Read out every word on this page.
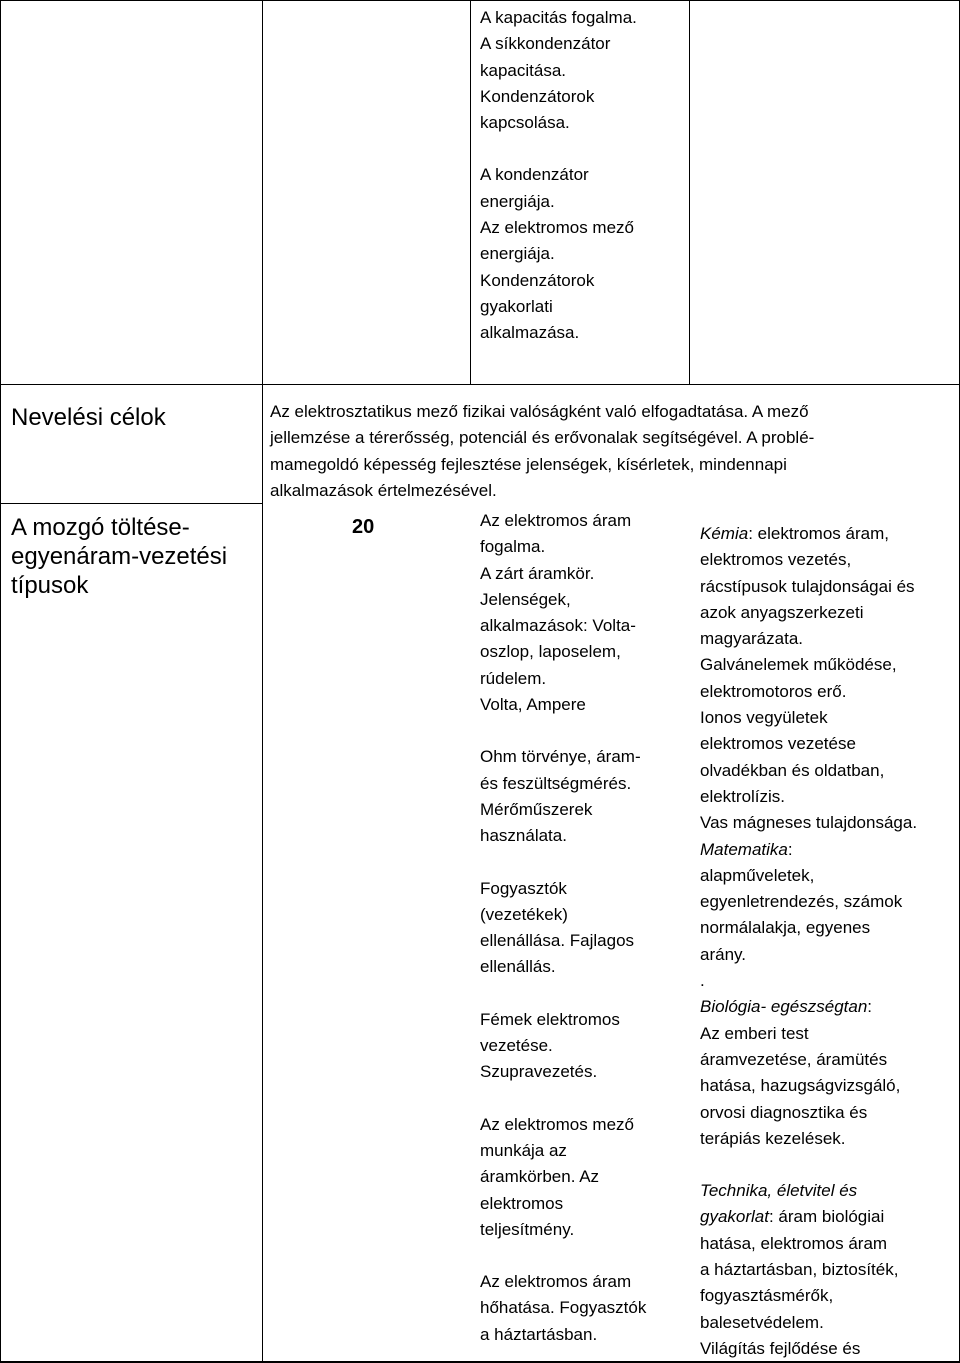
A kapacitás fogalma.

A síkkondenzátor

kapacitása.

Kondenzátorok

kapcsolása.

A kondenzátor

energiája.

Az elektromos mező

energiája.

Kondenzátorok

gyakorlati

alkalmazása.

Nevelési célok	Az elektrosztatikus mező fizikai valóságként való elfogadtatása. A mező

jellemzése a térerősség, potenciál és erővonalak segítségével. A problé-

mamegoldó képesség fejlesztése jelenségek, kísérletek, mindennapi

alkalmazások értelmezésével.

A mozgó töltése-

egyenáram-vezetési

típusok

20	Az elektromos áram

fogalma.

A zárt áramkör.

Jelenségek,

alkalmazások: Volta-

oszlop, laposelem,

rúdelem.

Volta, Ampere

Ohm törvénye, áram-

és feszültségmérés.

Mérőműszerek

használata.

Fogyasztók

(vezetékek)

ellenállása. Fajlagos

ellenállás.

Fémek elektromos

vezetése.

Szupravezetés.

Az elektromos mező

munkája az

áramkörben. Az

elektromos

teljesítmény.

Az elektromos áram

hőhatása. Fogyasztók

a háztartásban.

Kémia: elektromos áram,

elektromos vezetés,

rácstípusok tulajdonságai és

azok anyagszerkezeti

magyarázata.

Galvánelemek működése,

elektromotoros erő.

Ionos vegyületek

elektromos vezetése

olvadékban és oldatban,

elektrolízis.

Vas mágneses tulajdonsága.

Matematika:

alapműveletek,

egyenletrendezés, számok

normálalakja, egyenes

arány.

.

Biológia- egészségtan:

Az emberi test

áramvezetése, áramütés

hatása, hazugságvizsgáló,

orvosi diagnosztika és

terápiás kezelések.

Technika, életvitel és

gyakorlat: áram biológiai

hatása, elektromos áram

a háztartásban, biztosíték,

fogyasztásmérők,

balesetvédelem.

Világítás fejlődése és
